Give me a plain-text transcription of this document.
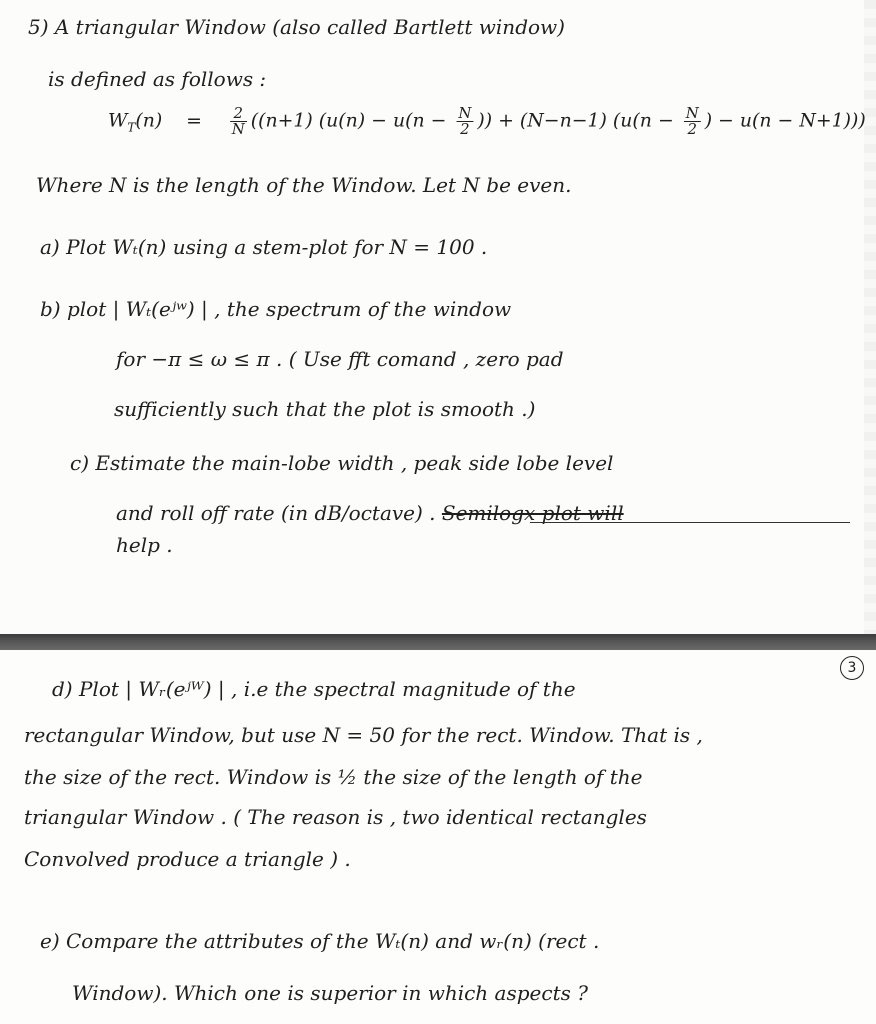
5) A triangular Window (also called Bartlett window)
is defined as follows :
$W_T(n) = \frac{2}{N} ((n+1) (u(n) - u(n - \frac{N}{2}$ )) + (N−n−1) ($u(n - \frac{N}{2}$ ) − u(n − N+1)))
Where N is the length of the Window. Let N be even.
a) Plot Wₜ(n) using a stem-plot for N = 100 .
b) plot | Wₜ(eʲʷ) | , the spectrum of the window
for −π ≤ ω ≤ π . ( Use fft comand , zero pad
sufficiently such that the plot is smooth .)
c) Estimate the main-lobe width , peak side lobe level
and roll off rate (in dB/octave) . Semilogx plot will
help .
3
d) Plot | Wᵣ(eʲᵂ) | , i.e the spectral magnitude of the
rectangular Window, but use N = 50 for the rect. Window. That is ,
the size of the rect. Window is ½ the size of the length of the
triangular Window . ( The reason is , two identical rectangles
Convolved produce a triangle ) .
e) Compare the attributes of the Wₜ(n) and wᵣ(n) (rect .
Window). Which one is superior in which aspects ?
